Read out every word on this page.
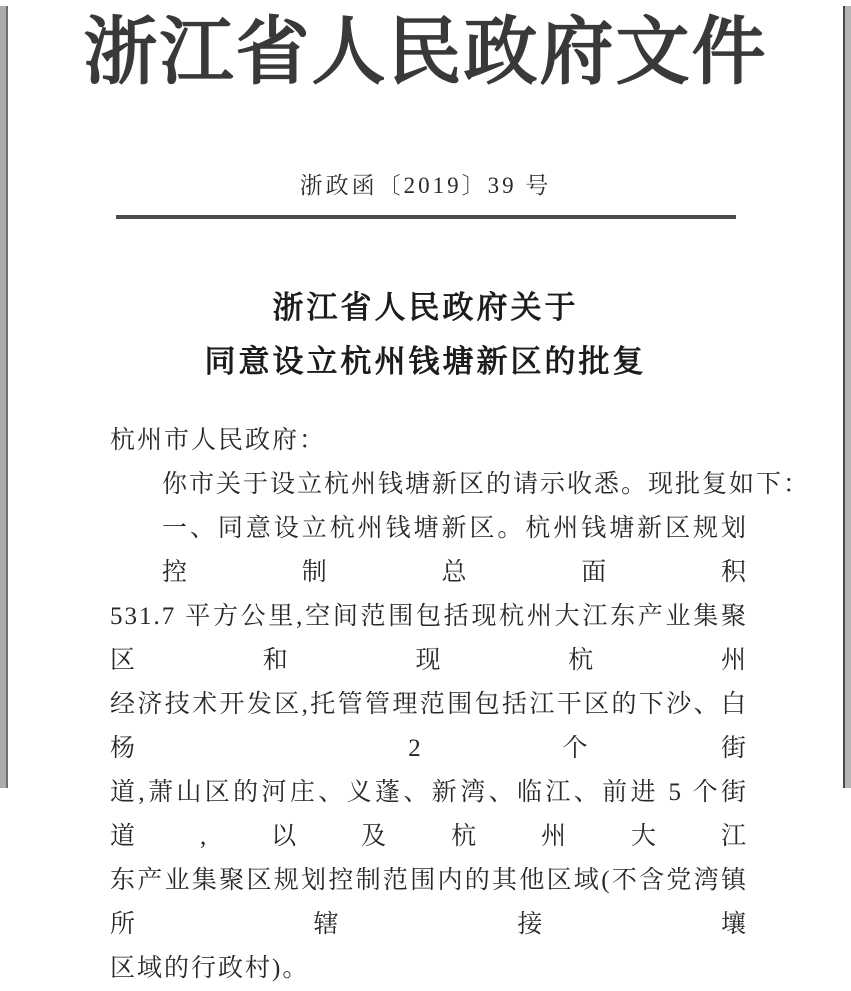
浙江省人民政府文件
浙政函〔2019〕39 号
浙江省人民政府关于
同意设立杭州钱塘新区的批复
杭州市人民政府：
你市关于设立杭州钱塘新区的请示收悉。现批复如下：
一、同意设立杭州钱塘新区。杭州钱塘新区规划控制总面积
531.7 平方公里,空间范围包括现杭州大江东产业集聚区和现杭州
经济技术开发区,托管管理范围包括江干区的下沙、白杨 2 个街
道,萧山区的河庄、义蓬、新湾、临江、前进 5 个街道,以及杭州大江
东产业集聚区规划控制范围内的其他区域(不含党湾镇所辖接壤
区域的行政村)。
